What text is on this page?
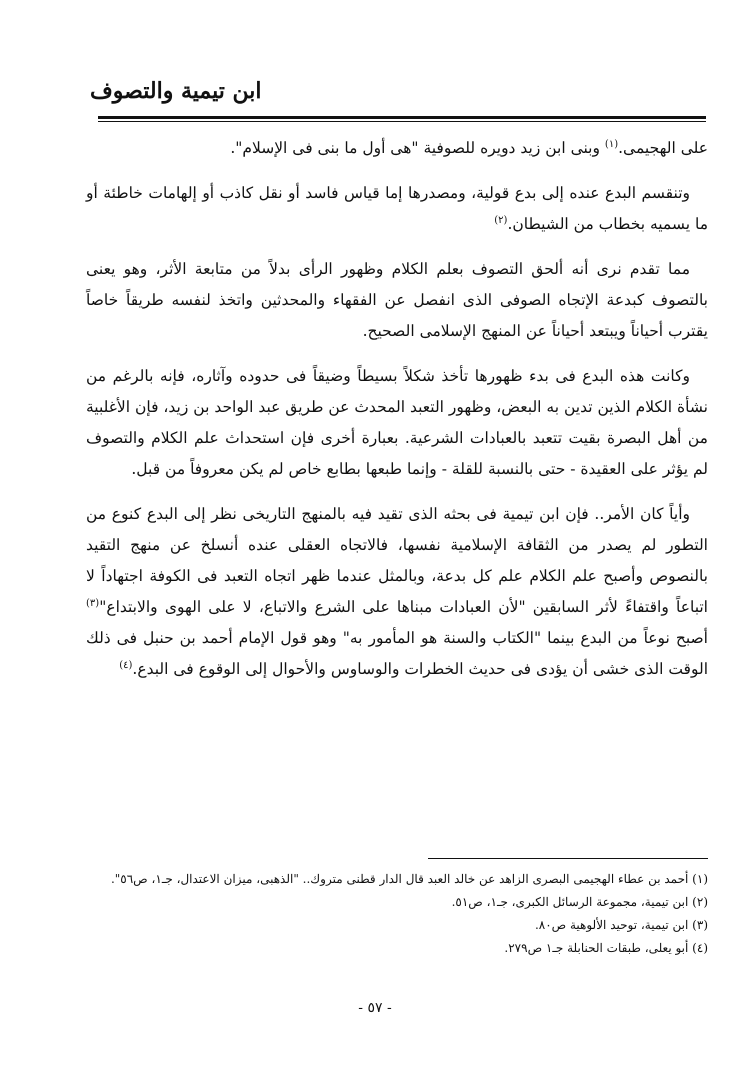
ابن تيمية والتصوف

على الهجيمى.$^{(١)}$ وبنى ابن زيد دويره للصوفية "هى أول ما بنى فى الإسلام".

وتنقسم البدع عنده إلى بدع قولية، ومصدرها إما قياس فاسد أو نقل كاذب أو إلهامات خاطئة أو ما يسميه بخطاب من الشيطان.$^{(٢)}$

مما تقدم نرى أنه ألحق التصوف بعلم الكلام وظهور الرأى بدلاً من متابعة الأثر، وهو يعنى بالتصوف كبدعة الإتجاه الصوفى الذى انفصل عن الفقهاء والمحدثين واتخذ لنفسه طريقاً خاصاً يقترب أحياناً ويبتعد أحياناً عن المنهج الإسلامى الصحيح.

وكانت هذه البدع فى بدء ظهورها تأخذ شكلاً بسيطاً وضيقاً فى حدوده وآثاره، فإنه بالرغم من نشأة الكلام الذين تدين به البعض، وظهور التعبد المحدث عن طريق عبد الواحد بن زيد، فإن الأغلبية من أهل البصرة بقيت تتعبد بالعبادات الشرعية. بعبارة أخرى فإن استحداث علم الكلام والتصوف لم يؤثر على العقيدة - حتى بالنسبة للقلة - وإنما طبعها بطابع خاص لم يكن معروفاً من قبل.

وأياً كان الأمر.. فإن ابن تيمية فى بحثه الذى تقيد فيه بالمنهج التاريخى نظر إلى البدع كنوع من التطور لم يصدر من الثقافة الإسلامية نفسها، فالاتجاه العقلى عنده أنسلخ عن منهج التقيد بالنصوص وأصبح علم الكلام علم كل بدعة، وبالمثل عندما ظهر اتجاه التعبد فى الكوفة اجتهاداً لا اتباعاً واقتفاءً لأثر السابقين "لأن العبادات مبناها على الشرع والاتباع، لا على الهوى والابتداع"$^{(٣)}$ أصبح نوعاً من البدع بينما "الكتاب والسنة هو المأمور به" وهو قول الإمام أحمد بن حنبل فى ذلك الوقت الذى خشى أن يؤدى فى حديث الخطرات والوساوس والأحوال إلى الوقوع فى البدع.$^{(٤)}$

(١) أحمد بن عطاء الهجيمى البصرى الزاهد عن خالد العبد قال الدار قطنى متروك.. "الذهبى، ميزان الاعتدال، جـ١، ص٥٦".
(٢) ابن تيمية، مجموعة الرسائل الكبرى، جـ١، ص٥١.
(٣) ابن تيمية، توحيد الألوهية ص٨٠.
(٤) أبو يعلى، طبقات الحنابلة جـ١ ص٢٧٩.
- ٥٧ -
